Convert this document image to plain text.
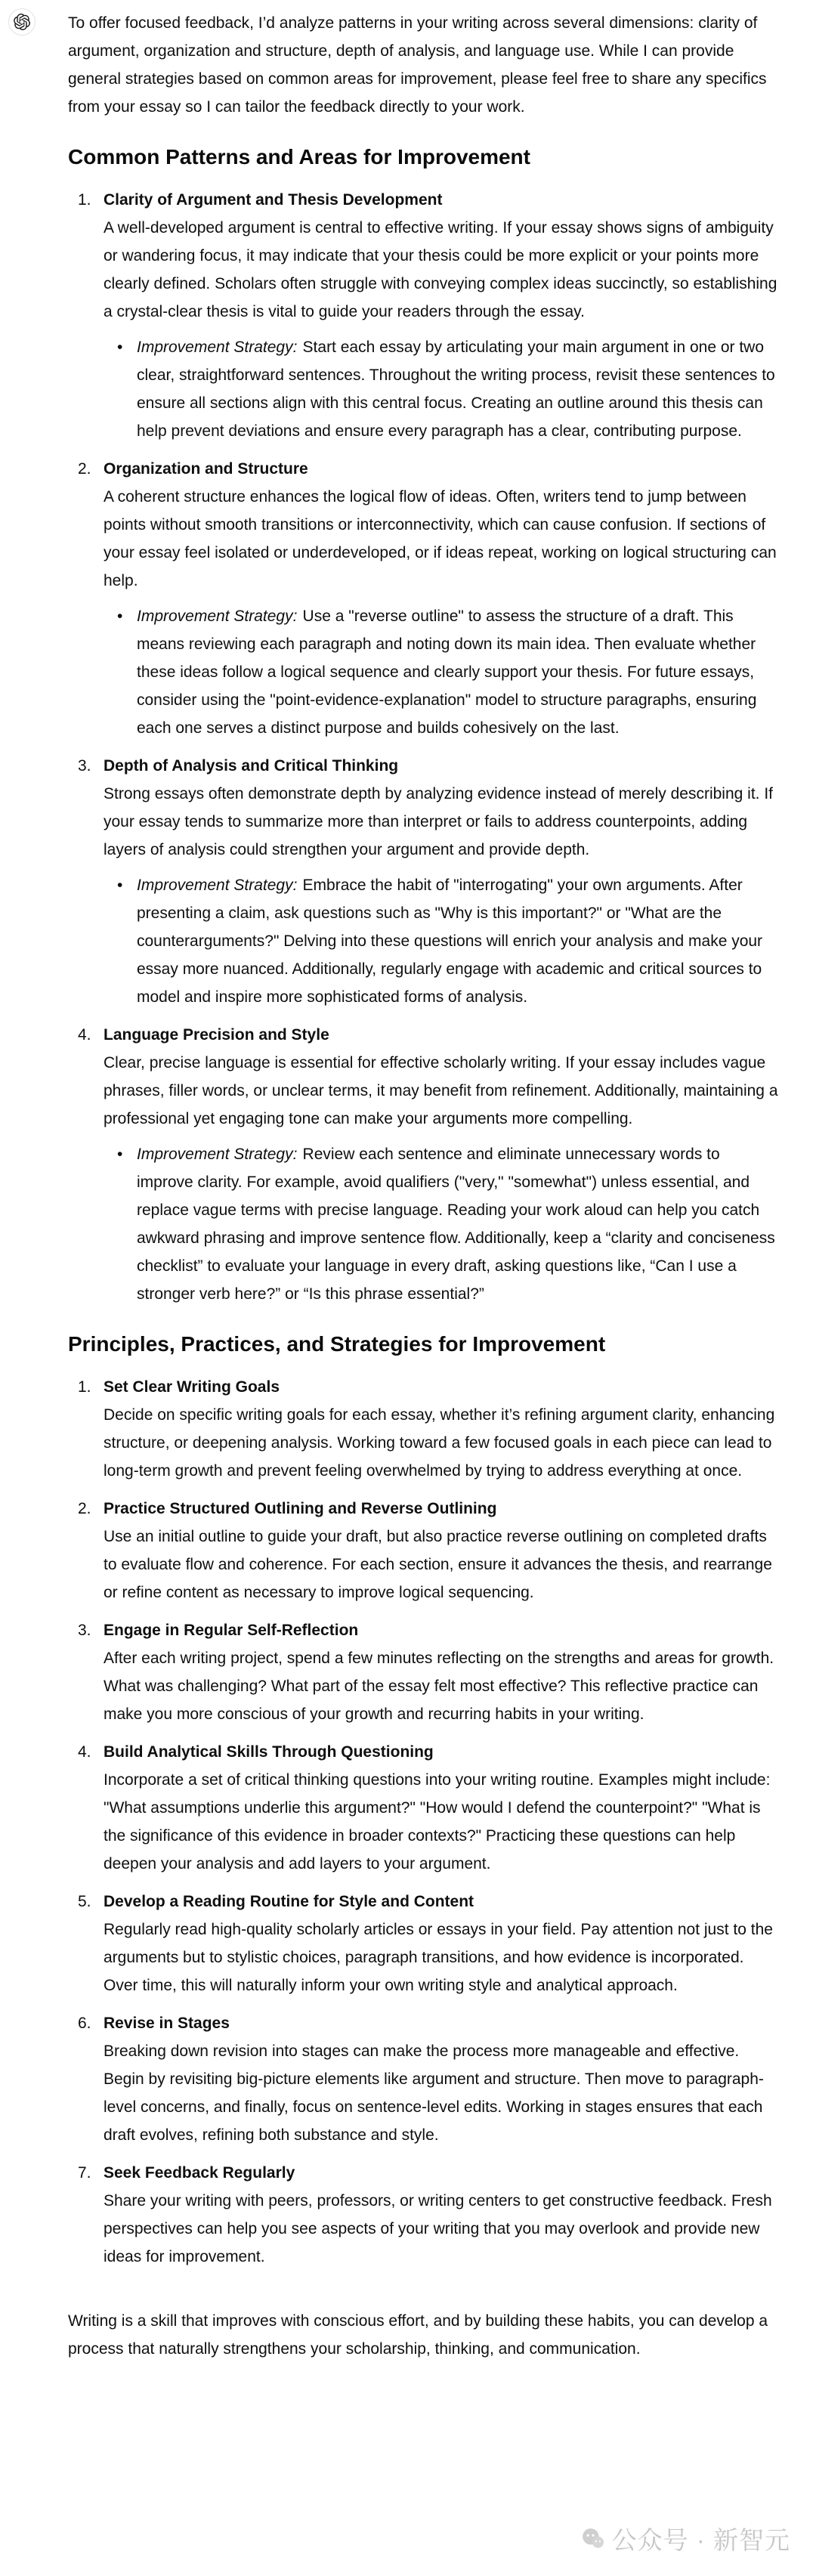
To offer focused feedback, I’d analyze patterns in your writing across several dimensions: clarity of argument, organization and structure, depth of analysis, and language use. While I can provide general strategies based on common areas for improvement, please feel free to share any specifics from your essay so I can tailor the feedback directly to your work.

Common Patterns and Areas for Improvement
1. Clarity of Argument and Thesis Development
A well-developed argument is central to effective writing. If your essay shows signs of ambiguity or wandering focus, it may indicate that your thesis could be more explicit or your points more clearly defined. Scholars often struggle with conveying complex ideas succinctly, so establishing a crystal-clear thesis is vital to guide your readers through the essay.
• Improvement Strategy: Start each essay by articulating your main argument in one or two clear, straightforward sentences. Throughout the writing process, revisit these sentences to ensure all sections align with this central focus. Creating an outline around this thesis can help prevent deviations and ensure every paragraph has a clear, contributing purpose.
2. Organization and Structure
A coherent structure enhances the logical flow of ideas. Often, writers tend to jump between points without smooth transitions or interconnectivity, which can cause confusion. If sections of your essay feel isolated or underdeveloped, or if ideas repeat, working on logical structuring can help.
• Improvement Strategy: Use a "reverse outline" to assess the structure of a draft. This means reviewing each paragraph and noting down its main idea. Then evaluate whether these ideas follow a logical sequence and clearly support your thesis. For future essays, consider using the "point-evidence-explanation" model to structure paragraphs, ensuring each one serves a distinct purpose and builds cohesively on the last.
3. Depth of Analysis and Critical Thinking
Strong essays often demonstrate depth by analyzing evidence instead of merely describing it. If your essay tends to summarize more than interpret or fails to address counterpoints, adding layers of analysis could strengthen your argument and provide depth.
• Improvement Strategy: Embrace the habit of "interrogating" your own arguments. After presenting a claim, ask questions such as "Why is this important?" or "What are the counterarguments?" Delving into these questions will enrich your analysis and make your essay more nuanced. Additionally, regularly engage with academic and critical sources to model and inspire more sophisticated forms of analysis.
4. Language Precision and Style
Clear, precise language is essential for effective scholarly writing. If your essay includes vague phrases, filler words, or unclear terms, it may benefit from refinement. Additionally, maintaining a professional yet engaging tone can make your arguments more compelling.
• Improvement Strategy: Review each sentence and eliminate unnecessary words to improve clarity. For example, avoid qualifiers ("very," "somewhat") unless essential, and replace vague terms with precise language. Reading your work aloud can help you catch awkward phrasing and improve sentence flow. Additionally, keep a “clarity and conciseness checklist” to evaluate your language in every draft, asking questions like, “Can I use a stronger verb here?” or “Is this phrase essential?”
Principles, Practices, and Strategies for Improvement
1. Set Clear Writing Goals
Decide on specific writing goals for each essay, whether it’s refining argument clarity, enhancing structure, or deepening analysis. Working toward a few focused goals in each piece can lead to long-term growth and prevent feeling overwhelmed by trying to address everything at once.
2. Practice Structured Outlining and Reverse Outlining
Use an initial outline to guide your draft, but also practice reverse outlining on completed drafts to evaluate flow and coherence. For each section, ensure it advances the thesis, and rearrange or refine content as necessary to improve logical sequencing.
3. Engage in Regular Self-Reflection
After each writing project, spend a few minutes reflecting on the strengths and areas for growth. What was challenging? What part of the essay felt most effective? This reflective practice can make you more conscious of your growth and recurring habits in your writing.
4. Build Analytical Skills Through Questioning
Incorporate a set of critical thinking questions into your writing routine. Examples might include: "What assumptions underlie this argument?" "How would I defend the counterpoint?" "What is the significance of this evidence in broader contexts?" Practicing these questions can help deepen your analysis and add layers to your argument.
5. Develop a Reading Routine for Style and Content
Regularly read high-quality scholarly articles or essays in your field. Pay attention not just to the arguments but to stylistic choices, paragraph transitions, and how evidence is incorporated. Over time, this will naturally inform your own writing style and analytical approach.
6. Revise in Stages
Breaking down revision into stages can make the process more manageable and effective. Begin by revisiting big-picture elements like argument and structure. Then move to paragraph-level concerns, and finally, focus on sentence-level edits. Working in stages ensures that each draft evolves, refining both substance and style.
7. Seek Feedback Regularly
Share your writing with peers, professors, or writing centers to get constructive feedback. Fresh perspectives can help you see aspects of your writing that you may overlook and provide new ideas for improvement.

Writing is a skill that improves with conscious effort, and by building these habits, you can develop a process that naturally strengthens your scholarship, thinking, and communication.

公众号 · 新智元
